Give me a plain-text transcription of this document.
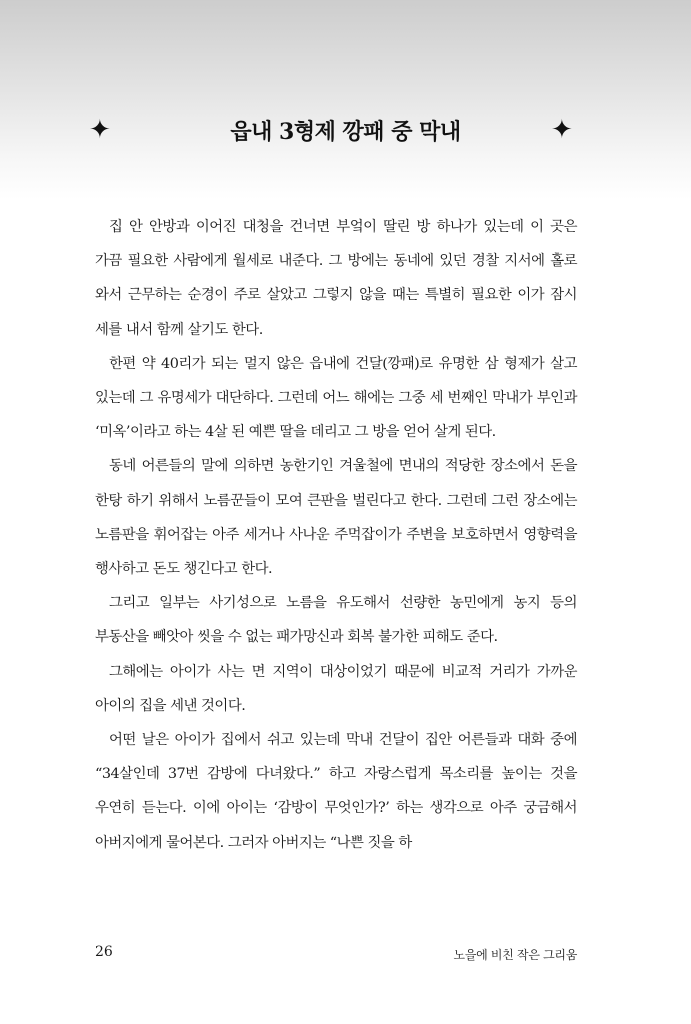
✦	읍내 3형제 깡패 중 막내	✦

집 안 안방과 이어진 대청을 건너면 부엌이 딸린 방 하나가 있는데 이 곳은 가끔 필요한 사람에게 월세로 내준다. 그 방에는 동네에 있던 경찰 지서에 홀로 와서 근무하는 순경이 주로 살았고 그렇지 않을 때는 특별히 필요한 이가 잠시 세를 내서 함께 살기도 한다.

한편 약 40리가 되는 멀지 않은 읍내에 건달(깡패)로 유명한 삼 형제가 살고 있는데 그 유명세가 대단하다. 그런데 어느 해에는 그중 세 번째인 막내가 부인과 ‘미옥’이라고 하는 4살 된 예쁜 딸을 데리고 그 방을 얻어 살게 된다.

동네 어른들의 말에 의하면 농한기인 겨울철에 면내의 적당한 장소에서 돈을 한탕 하기 위해서 노름꾼들이 모여 큰판을 벌린다고 한다. 그런데 그런 장소에는 노름판을 휘어잡는 아주 세거나 사나운 주먹잡이가 주변을 보호하면서 영향력을 행사하고 돈도 챙긴다고 한다.

그리고 일부는 사기성으로 노름을 유도해서 선량한 농민에게 농지 등의 부동산을 빼앗아 씻을 수 없는 패가망신과 회복 불가한 피해도 준다.

그해에는 아이가 사는 면 지역이 대상이었기 때문에 비교적 거리가 가까운 아이의 집을 세낸 것이다.

어떤 날은 아이가 집에서 쉬고 있는데 막내 건달이 집안 어른들과 대화 중에 “34살인데 37번 감방에 다녀왔다.” 하고 자랑스럽게 목소리를 높이는 것을 우연히 듣는다. 이에 아이는 ‘감방이 무엇인가?’ 하는 생각으로 아주 궁금해서 아버지에게 물어본다. 그러자 아버지는 “나쁜 짓을 하

26	노을에 비친 작은 그리움
